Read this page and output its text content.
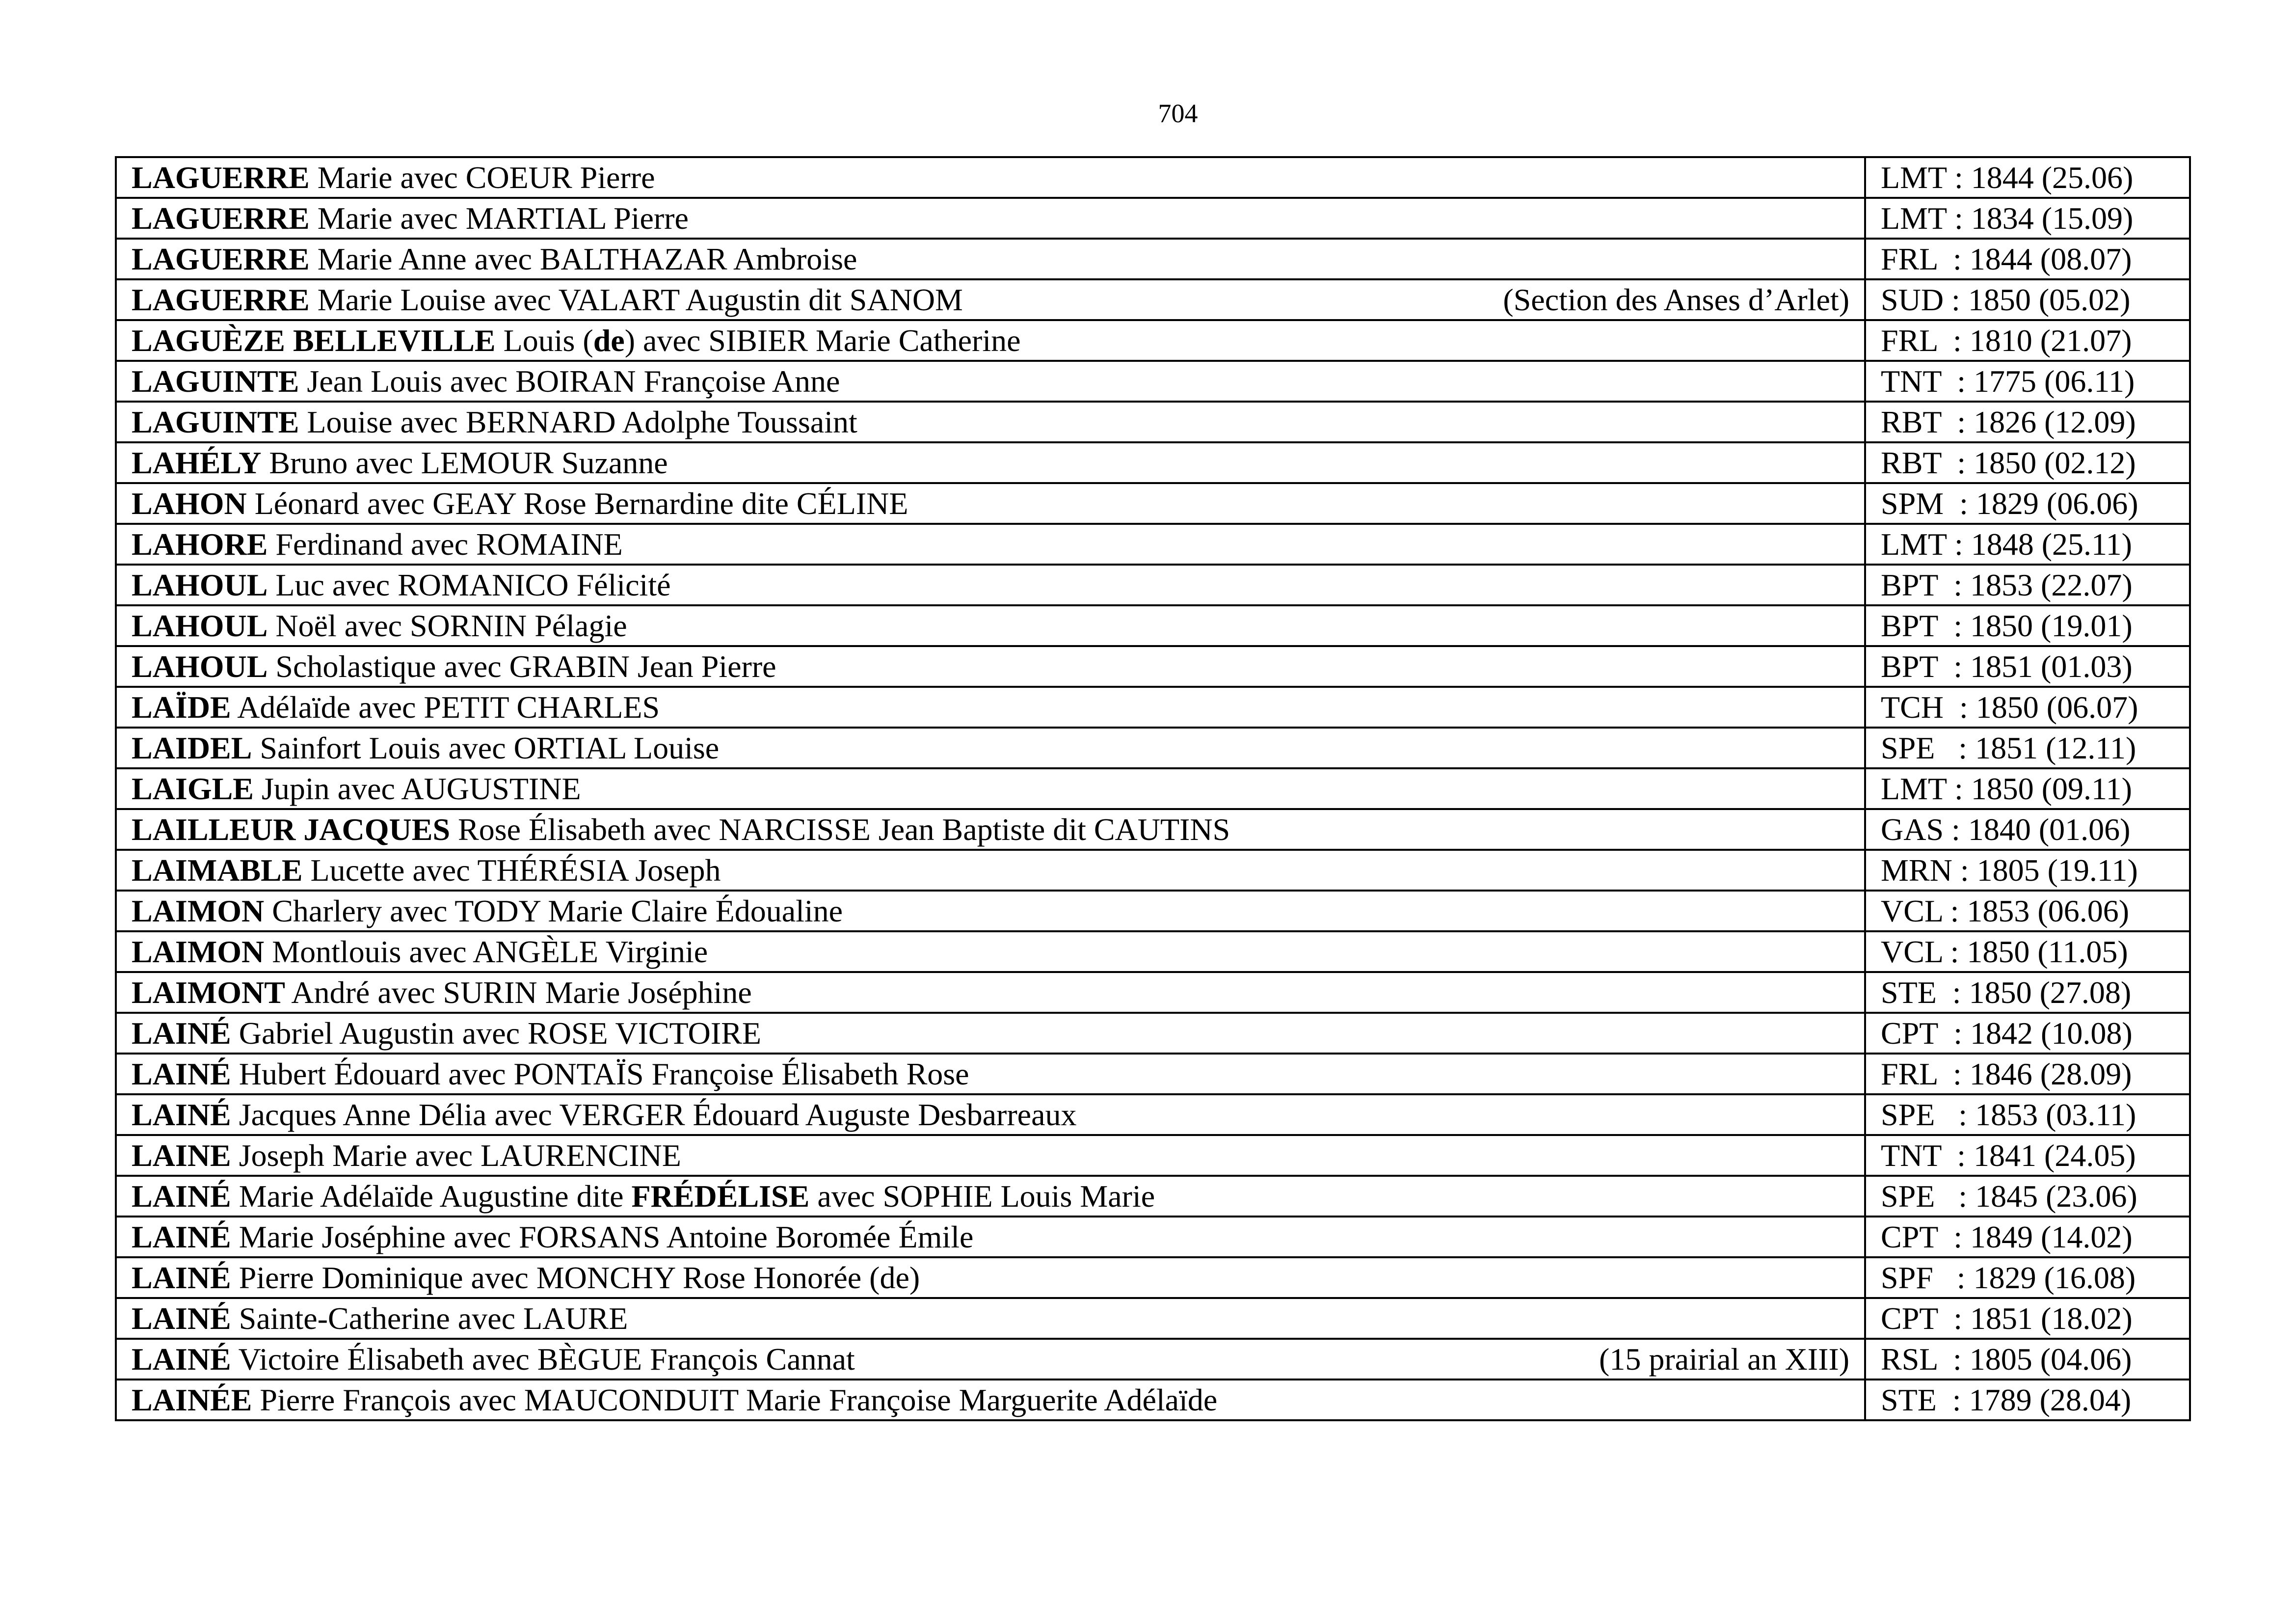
704
LAGUERRE Marie avec COEUR Pierre	LMT : 1844 (25.06)

LAGUERRE Marie avec MARTIAL Pierre	LMT : 1834 (15.09)

LAGUERRE Marie Anne avec BALTHAZAR Ambroise	FRL  : 1844 (08.07)

LAGUERRE Marie Louise avec VALART Augustin dit SANOM (Section des Anses d’Arlet)	SUD : 1850 (05.02)

LAGUÈZE BELLEVILLE Louis (de) avec SIBIER Marie Catherine	FRL  : 1810 (21.07)

LAGUINTE Jean Louis avec BOIRAN Françoise Anne	TNT  : 1775 (06.11)

LAGUINTE Louise avec BERNARD Adolphe Toussaint	RBT  : 1826 (12.09)

LAHÉLY Bruno avec LEMOUR Suzanne	RBT  : 1850 (02.12)

LAHON Léonard avec GEAY Rose Bernardine dite CÉLINE	SPM  : 1829 (06.06)

LAHORE Ferdinand avec ROMAINE	LMT : 1848 (25.11)

LAHOUL Luc avec ROMANICO Félicité	BPT  : 1853 (22.07)

LAHOUL Noël avec SORNIN Pélagie	BPT  : 1850 (19.01)

LAHOUL Scholastique avec GRABIN Jean Pierre	BPT  : 1851 (01.03)

LAÏDE Adélaïde avec PETIT CHARLES	TCH  : 1850 (06.07)

LAIDEL Sainfort Louis avec ORTIAL Louise	SPE   : 1851 (12.11)

LAIGLE Jupin avec AUGUSTINE	LMT : 1850 (09.11)

LAILLEUR JACQUES Rose Élisabeth avec NARCISSE Jean Baptiste dit CAUTINS	GAS : 1840 (01.06)

LAIMABLE Lucette avec THÉRÉSIA Joseph	MRN : 1805 (19.11)

LAIMON Charlery avec TODY Marie Claire Édoualine	VCL : 1853 (06.06)

LAIMON Montlouis avec ANGÈLE Virginie	VCL : 1850 (11.05)

LAIMONT André avec SURIN Marie Joséphine	STE  : 1850 (27.08)

LAINÉ Gabriel Augustin avec ROSE VICTOIRE	CPT  : 1842 (10.08)

LAINÉ Hubert Édouard avec PONTAÏS Françoise Élisabeth Rose	FRL  : 1846 (28.09)

LAINÉ Jacques Anne Délia avec VERGER Édouard Auguste Desbarreaux	SPE   : 1853 (03.11)

LAINE Joseph Marie avec LAURENCINE	TNT  : 1841 (24.05)

LAINÉ Marie Adélaïde Augustine dite FRÉDÉLISE avec SOPHIE Louis Marie	SPE   : 1845 (23.06)

LAINÉ Marie Joséphine avec FORSANS Antoine Boromée Émile	CPT  : 1849 (14.02)

LAINÉ Pierre Dominique avec MONCHY Rose Honorée (de)	SPF   : 1829 (16.08)

LAINÉ Sainte-Catherine avec LAURE	CPT  : 1851 (18.02)

LAINÉ Victoire Élisabeth avec BÈGUE François Cannat (15 prairial an XIII)	RSL  : 1805 (04.06)

LAINÉE Pierre François avec MAUCONDUIT Marie Françoise Marguerite Adélaïde	STE  : 1789 (28.04)
